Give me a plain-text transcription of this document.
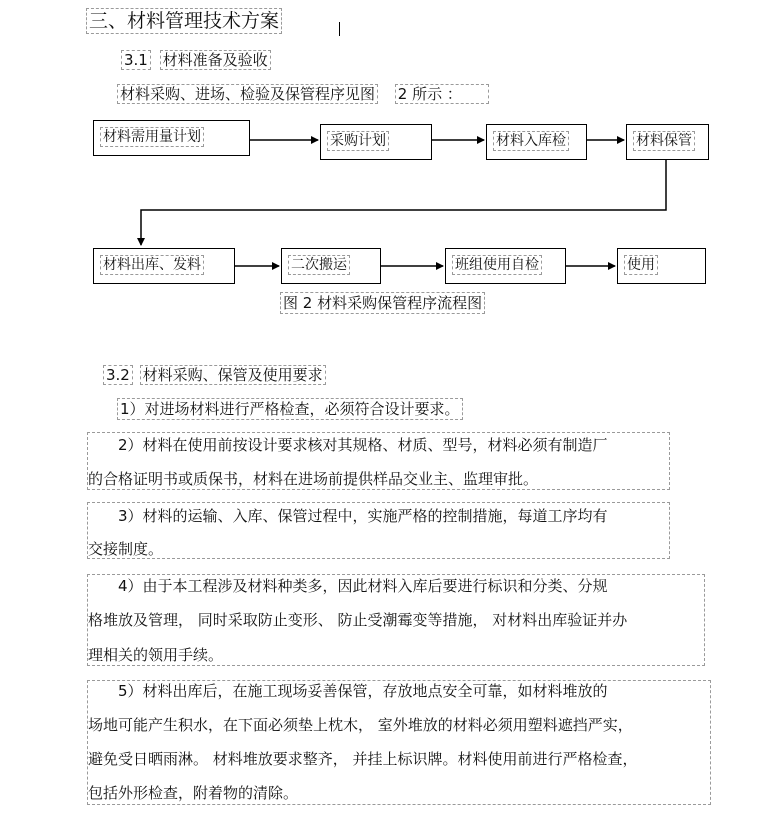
三、材料管理技术方案
3.1 材料准备及验收
材料采购、进场、检验及保管程序见图 2 所示 ：
材料需用量计划	采购计划	材料入库检	材料保管
材料出库、发料	二次搬运	班组使用自检	使用
图 2 材料采购保管程序流程图
3.2 材料采购、保管及使用要求
1）对进场材料进行严格检查，必须符合设计要求。
2）材料在使用前按设计要求核对其规格、材质、型号，材料必须有制造厂
的合格证明书或质保书，材料在进场前提供样品交业主、监理审批。
3）材料的运输、入库、保管过程中，实施严格的控制措施，每道工序均有
交接制度。
4）由于本工程涉及材料种类多，因此材料入库后要进行标识和分类、分规
格堆放及管理， 同时采取防止变形、 防止受潮霉变等措施， 对材料出库验证并办
理相关的领用手续。
5）材料出库后，在施工现场妥善保管，存放地点安全可靠，如材料堆放的
场地可能产生积水，在下面必须垫上枕木， 室外堆放的材料必须用塑料遮挡严实，
避免受日晒雨淋。 材料堆放要求整齐， 并挂上标识牌。材料使用前进行严格检查，
包括外形检查，附着物的清除。
